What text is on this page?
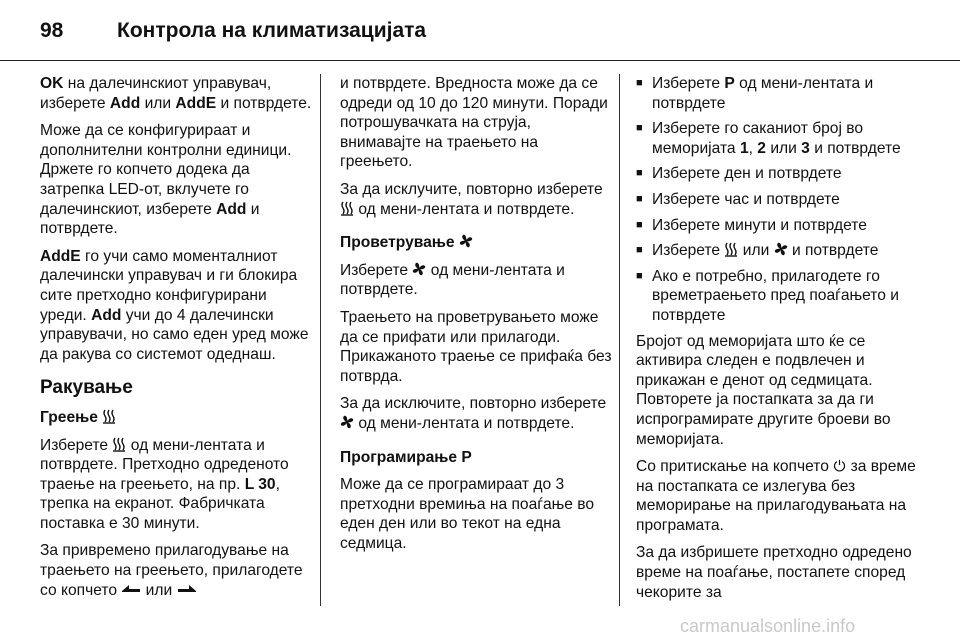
98	Контрола на климатизацијата

OK на далечинскиот управувач, изберете Add или AddE и потврдете.

Може да се конфигурираат и дополнителни контролни единици. Држете го копчето додека да затрепка LED-от, вклучете го далечинскиот, изберете Add и потврдете.

AddE го учи само моменталниот далечински управувач и ги блокира сите претходно конфигурирани уреди. Add учи до 4 далечински управувачи, но само еден уред може да ракува со системот одеднаш.

Ракување

Греење

Изберете  од мени-лентата и потврдете. Претходно одреденото траење на греењето, на пр. L 30, трепка на екранот. Фабричката поставка е 30 минути.

За привремено прилагодување на траењето на греењето, прилагодете со копчето  или

и потврдете. Вредноста може да се одреди од 10 до 120 минути. Поради потрошувачката на струја, внимавајте на траењето на греењето.

За да исклучите, повторно изберете  од мени-лентата и потврдете.

Проветрување

Изберете  од мени-лентата и потврдете.

Траењето на проветрувањето може да се прифати или прилагоди. Прикажаното траење се прифаќа без потврда.

За да исключите, повторно изберете  од мени-лентата и потврдете.

Програмирање P

Може да се програмираат до 3 претходни времиња на поаѓање во еден ден или во текот на една седмица.

■ Изберете P од мени-лентата и потврдете
■ Изберете го саканиот број во меморијата 1, 2 или 3 и потврдете
■ Изберете ден и потврдете
■ Изберете час и потврдете
■ Изберете минути и потврдете
■ Изберете  или  и потврдете
■ Ако е потребно, прилагодете го времетраењето пред поаѓањето и потврдете

Бројот од меморијата што ќе се активира следен е подвлечен и прикажан е денот од седмицата. Повторете ја постапката за да ги испрограмирате другите броеви во меморијата.

Со притискање на копчето  за време на постапката се излегува без меморирање на прилагодувањата на програмата.

За да избришете претходно одредено време на поаѓање, постапете според чекорите за

carmanualsonline.info
